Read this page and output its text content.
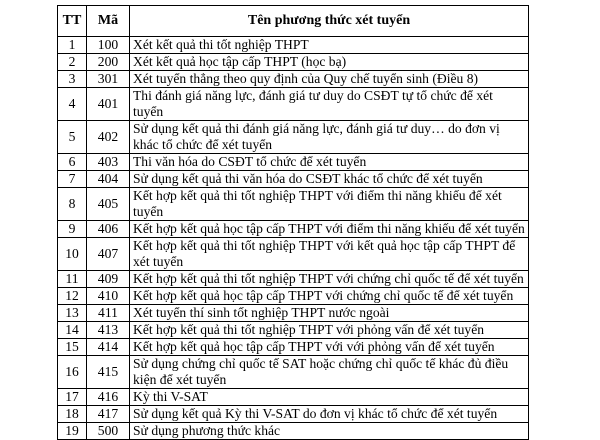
TT	Mã	Tên phương thức xét tuyển
1	100	Xét kết quả thi tốt nghiệp THPT
2	200	Xét kết quả học tập cấp THPT (học bạ)
3	301	Xét tuyển thẳng theo quy định của Quy chế tuyển sinh (Điều 8)
4	401	Thi đánh giá năng lực, đánh giá tư duy do CSĐT tự tổ chức để xét tuyển
5	402	Sử dụng kết quả thi đánh giá năng lực, đánh giá tư duy… do đơn vị khác tổ chức để xét tuyển
6	403	Thi văn hóa do CSĐT tổ chức để xét tuyển
7	404	Sử dụng kết quả thi văn hóa do CSĐT khác tổ chức để xét tuyển
8	405	Kết hợp kết quả thi tốt nghiệp THPT với điểm thi năng khiếu để xét tuyển
9	406	Kết hợp kết quả học tập cấp THPT với điểm thi năng khiếu để xét tuyển
10	407	Kết hợp kết quả thi tốt nghiệp THPT với kết quả học tập cấp THPT để xét tuyển
11	409	Kết hợp kết quả thi tốt nghiệp THPT với chứng chỉ quốc tế để xét tuyển
12	410	Kết hợp kết quả học tập cấp THPT với chứng chỉ quốc tế để xét tuyển
13	411	Xét tuyển thí sinh tốt nghiệp THPT nước ngoài
14	413	Kết hợp kết quả thi tốt nghiệp THPT với phỏng vấn để xét tuyển
15	414	Kết hợp kết quả học tập cấp THPT với với phỏng vấn để xét tuyển
16	415	Sử dụng chứng chỉ quốc tế SAT hoặc chứng chỉ quốc tế khác đủ điều kiện để xét tuyển
17	416	Kỳ thi V-SAT
18	417	Sử dụng kết quả Kỳ thi V-SAT do đơn vị khác tổ chức để xét tuyển
19	500	Sử dụng phương thức khác
